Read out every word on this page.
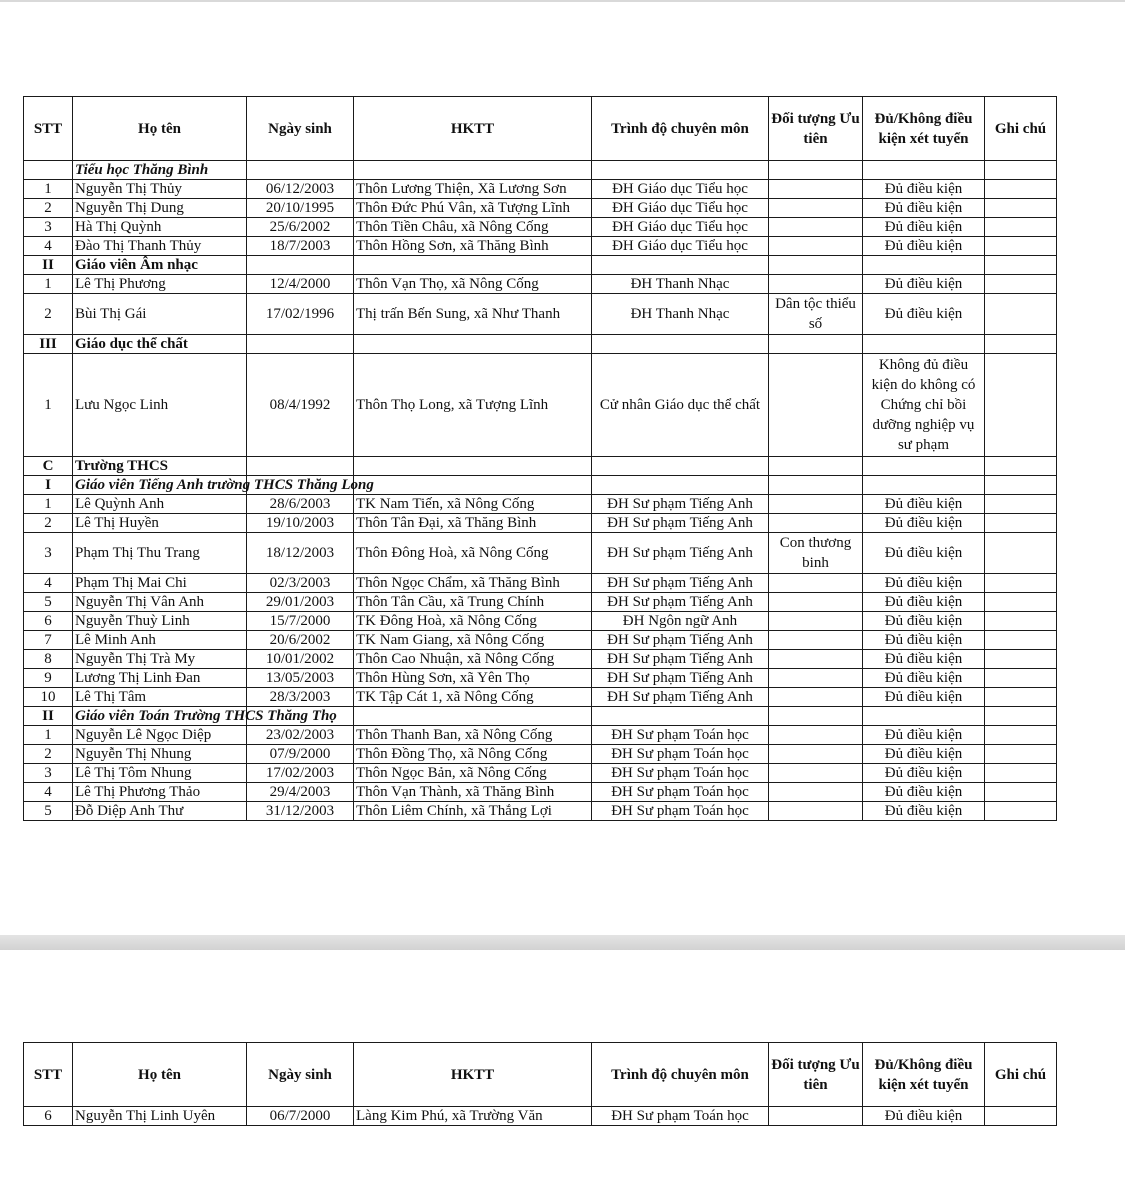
STT	Họ tên	Ngày sinh	HKTT	Trình độ chuyên môn	Đối tượng Ưu tiên	Đủ/Không điều kiện xét tuyển	Ghi chú
	Tiểu học Thăng Bình						
1	Nguyễn Thị Thủy	06/12/2003	Thôn Lương Thiện, Xã Lương Sơn	ĐH Giáo dục Tiểu học		Đủ điều kiện	
2	Nguyễn Thị Dung	20/10/1995	Thôn Đức Phú Vân, xã Tượng Lĩnh	ĐH Giáo dục Tiểu học		Đủ điều kiện	
3	Hà Thị Quỳnh	25/6/2002	Thôn Tiền Châu, xã Nông Cống	ĐH Giáo dục Tiểu học		Đủ điều kiện	
4	Đào Thị Thanh Thủy	18/7/2003	Thôn Hồng Sơn, xã Thăng Bình	ĐH Giáo dục Tiểu học		Đủ điều kiện	
II	Giáo viên Âm nhạc						
1	Lê Thị Phương	12/4/2000	Thôn Vạn Thọ, xã Nông Cống	ĐH Thanh Nhạc		Đủ điều kiện	
2	Bùi Thị Gái	17/02/1996	Thị trấn Bến Sung, xã Như Thanh	ĐH Thanh Nhạc	Dân tộc thiểu số	Đủ điều kiện	
III	Giáo dục thể chất						
1	Lưu Ngọc Linh	08/4/1992	Thôn Thọ Long, xã Tượng Lĩnh	Cử nhân Giáo dục thể chất		Không đủ điều kiện do không có Chứng chỉ bồi dưỡng nghiệp vụ sư phạm	
C	Trường THCS						
I	Giáo viên Tiếng Anh trường THCS Thăng Long						
1	Lê Quỳnh Anh	28/6/2003	TK Nam Tiến, xã Nông Cống	ĐH Sư phạm Tiếng Anh		Đủ điều kiện	
2	Lê Thị Huyền	19/10/2003	Thôn Tân Đại, xã Thăng Bình	ĐH Sư phạm Tiếng Anh		Đủ điều kiện	
3	Phạm Thị Thu Trang	18/12/2003	Thôn Đông Hoà, xã Nông Cống	ĐH Sư phạm Tiếng Anh	Con thương binh	Đủ điều kiện	
4	Phạm Thị Mai Chi	02/3/2003	Thôn Ngọc Chẩm, xã Thăng Bình	ĐH Sư phạm Tiếng Anh		Đủ điều kiện	
5	Nguyễn Thị Vân Anh	29/01/2003	Thôn Tân Cầu, xã Trung Chính	ĐH Sư phạm Tiếng Anh		Đủ điều kiện	
6	Nguyễn Thuỳ Linh	15/7/2000	TK Đông Hoà, xã Nông Cống	ĐH Ngôn ngữ Anh		Đủ điều kiện	
7	Lê Minh Anh	20/6/2002	TK Nam Giang, xã Nông Cống	ĐH Sư phạm Tiếng Anh		Đủ điều kiện	
8	Nguyễn Thị Trà My	10/01/2002	Thôn Cao Nhuận, xã Nông Cống	ĐH Sư phạm Tiếng Anh		Đủ điều kiện	
9	Lương Thị Linh Đan	13/05/2003	Thôn Hùng Sơn, xã Yên Thọ	ĐH Sư phạm Tiếng Anh		Đủ điều kiện	
10	Lê Thị Tâm	28/3/2003	TK Tập Cát 1, xã Nông Cống	ĐH Sư phạm Tiếng Anh		Đủ điều kiện	
II	Giáo viên Toán Trường THCS Thăng Thọ						
1	Nguyễn Lê Ngọc Diệp	23/02/2003	Thôn Thanh Ban, xã Nông Cống	ĐH Sư phạm Toán học		Đủ điều kiện	
2	Nguyễn Thị Nhung	07/9/2000	Thôn Đồng Thọ, xã Nông Cống	ĐH Sư phạm Toán học		Đủ điều kiện	
3	Lê Thị Tôm Nhung	17/02/2003	Thôn Ngọc Bản, xã Nông Cống	ĐH Sư phạm Toán học		Đủ điều kiện	
4	Lê Thị Phương Thảo	29/4/2003	Thôn Vạn Thành, xã Thăng Bình	ĐH Sư phạm Toán học		Đủ điều kiện	
5	Đỗ Diệp Anh Thư	31/12/2003	Thôn Liêm Chính, xã Thắng Lợi	ĐH Sư phạm Toán học		Đủ điều kiện	
STT	Họ tên	Ngày sinh	HKTT	Trình độ chuyên môn	Đối tượng Ưu tiên	Đủ/Không điều kiện xét tuyển	Ghi chú
6	Nguyễn Thị Linh Uyên	06/7/2000	Làng Kim Phú, xã Trường Văn	ĐH Sư phạm Toán học		Đủ điều kiện	
